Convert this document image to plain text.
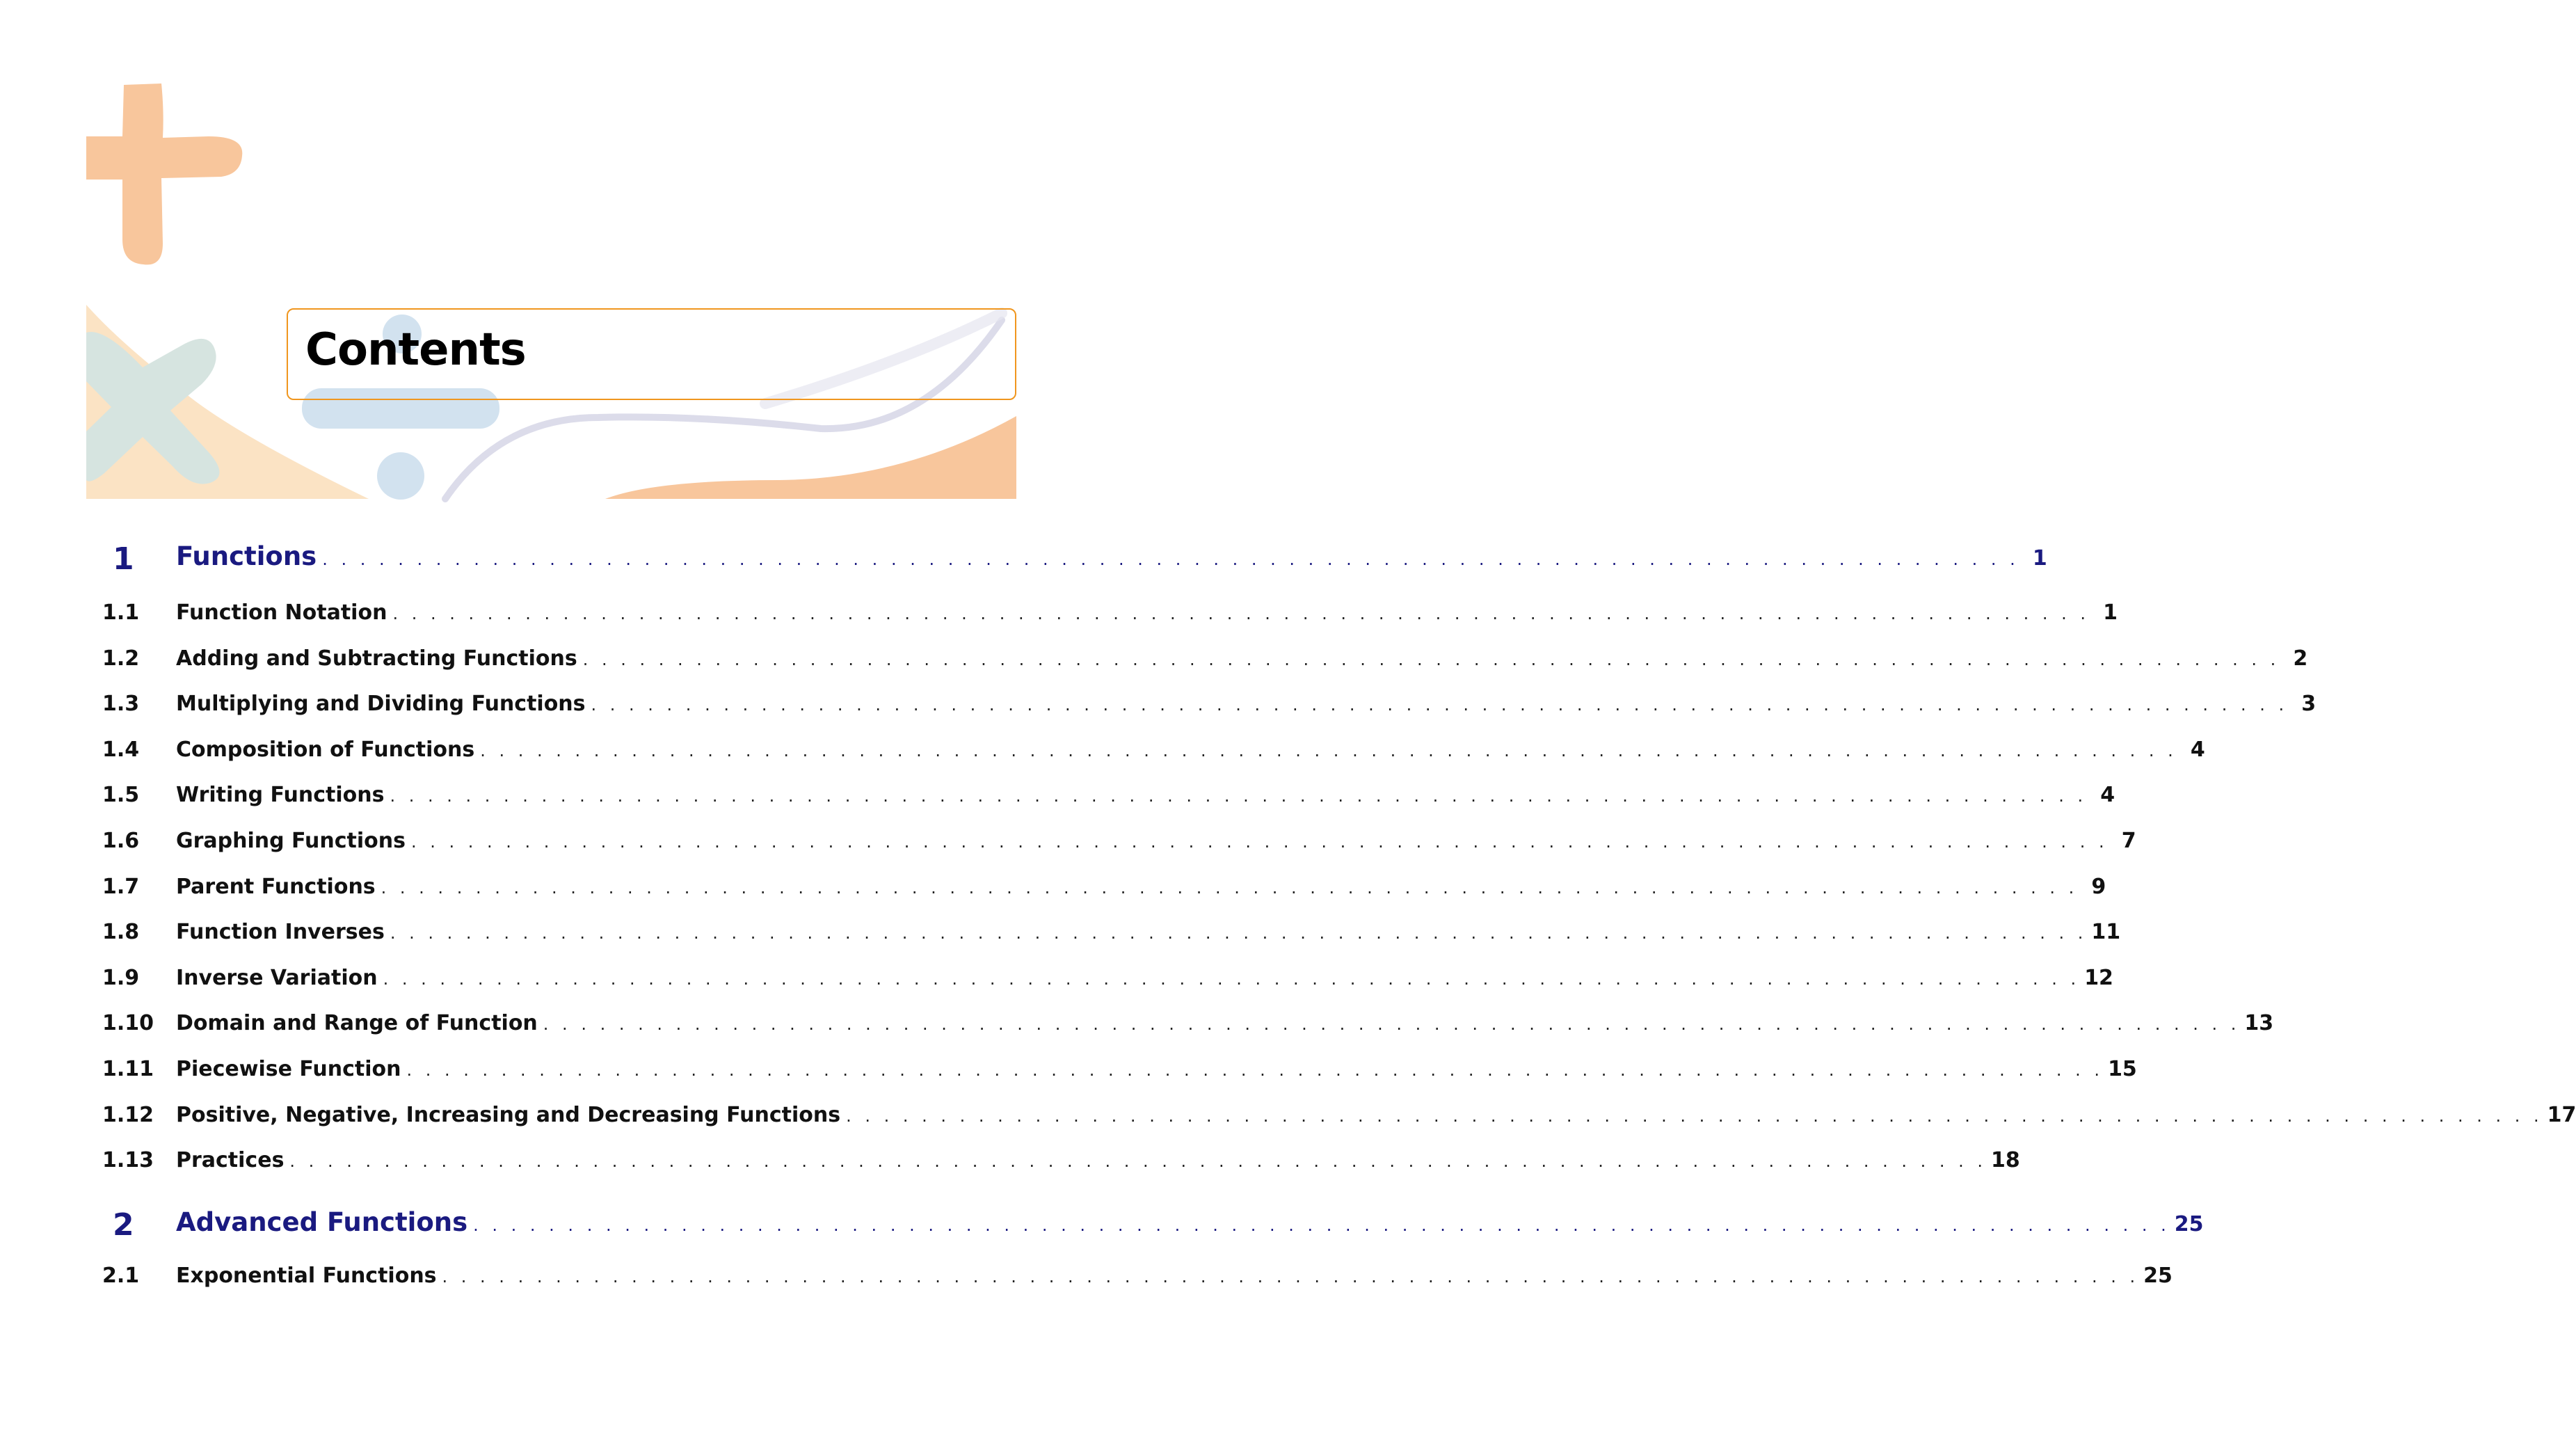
Contents
1 Functions . . . . . . . . . . . . . . . . . . . . . . . . . . . . . . . . . . . . . . . . . . . . . . . . . . . . . . . . . . . . . . . . . . . . . . . . . . . . . . . . . . . . . . . . . . 1
1.1 Function Notation . . . . . . . . . . . . . . . . . . . . . . . . . . . . . . . . . . . . . . . . . . . . . . . . . . . . . . . . . . . . . . . . . . . . . . . . . . . . . . . . . . . . . . . . . . 1
1.2 Adding and Subtracting Functions . . . . . . . . . . . . . . . . . . . . . . . . . . . . . . . . . . . . . . . . . . . . . . . . . . . . . . . . . . . . . . . . . . . . . . . . . . . . . . . . . . . . . . . . . . 2
1.3 Multiplying and Dividing Functions . . . . . . . . . . . . . . . . . . . . . . . . . . . . . . . . . . . . . . . . . . . . . . . . . . . . . . . . . . . . . . . . . . . . . . . . . . . . . . . . . . . . . . . . . . 3
1.4 Composition of Functions . . . . . . . . . . . . . . . . . . . . . . . . . . . . . . . . . . . . . . . . . . . . . . . . . . . . . . . . . . . . . . . . . . . . . . . . . . . . . . . . . . . . . . . . . . 4
1.5 Writing Functions . . . . . . . . . . . . . . . . . . . . . . . . . . . . . . . . . . . . . . . . . . . . . . . . . . . . . . . . . . . . . . . . . . . . . . . . . . . . . . . . . . . . . . . . . . 4
1.6 Graphing Functions . . . . . . . . . . . . . . . . . . . . . . . . . . . . . . . . . . . . . . . . . . . . . . . . . . . . . . . . . . . . . . . . . . . . . . . . . . . . . . . . . . . . . . . . . . 7
1.7 Parent Functions . . . . . . . . . . . . . . . . . . . . . . . . . . . . . . . . . . . . . . . . . . . . . . . . . . . . . . . . . . . . . . . . . . . . . . . . . . . . . . . . . . . . . . . . . . 9
1.8 Function Inverses . . . . . . . . . . . . . . . . . . . . . . . . . . . . . . . . . . . . . . . . . . . . . . . . . . . . . . . . . . . . . . . . . . . . . . . . . . . . . . . . . . . . . . . . . . 11
1.9 Inverse Variation . . . . . . . . . . . . . . . . . . . . . . . . . . . . . . . . . . . . . . . . . . . . . . . . . . . . . . . . . . . . . . . . . . . . . . . . . . . . . . . . . . . . . . . . . . 12
1.10 Domain and Range of Function . . . . . . . . . . . . . . . . . . . . . . . . . . . . . . . . . . . . . . . . . . . . . . . . . . . . . . . . . . . . . . . . . . . . . . . . . . . . . . . . . . . . . . . . . . 13
1.11 Piecewise Function . . . . . . . . . . . . . . . . . . . . . . . . . . . . . . . . . . . . . . . . . . . . . . . . . . . . . . . . . . . . . . . . . . . . . . . . . . . . . . . . . . . . . . . . . . 15
1.12 Positive, Negative, Increasing and Decreasing Functions . . . . . . . . . . . . . . . . . . . . . . . . . . . . . . . . . . . . . . . . . . . . . . . . . . . . . . . . . . . . . . . . . . . . . . . . . . . . . . . . . . . . . . . . . . 17
1.13 Practices . . . . . . . . . . . . . . . . . . . . . . . . . . . . . . . . . . . . . . . . . . . . . . . . . . . . . . . . . . . . . . . . . . . . . . . . . . . . . . . . . . . . . . . . . . 18
2 Advanced Functions . . . . . . . . . . . . . . . . . . . . . . . . . . . . . . . . . . . . . . . . . . . . . . . . . . . . . . . . . . . . . . . . . . . . . . . . . . . . . . . . . . . . . . . . . . 25
2.1 Exponential Functions . . . . . . . . . . . . . . . . . . . . . . . . . . . . . . . . . . . . . . . . . . . . . . . . . . . . . . . . . . . . . . . . . . . . . . . . . . . . . . . . . . . . . . . . . . 25
